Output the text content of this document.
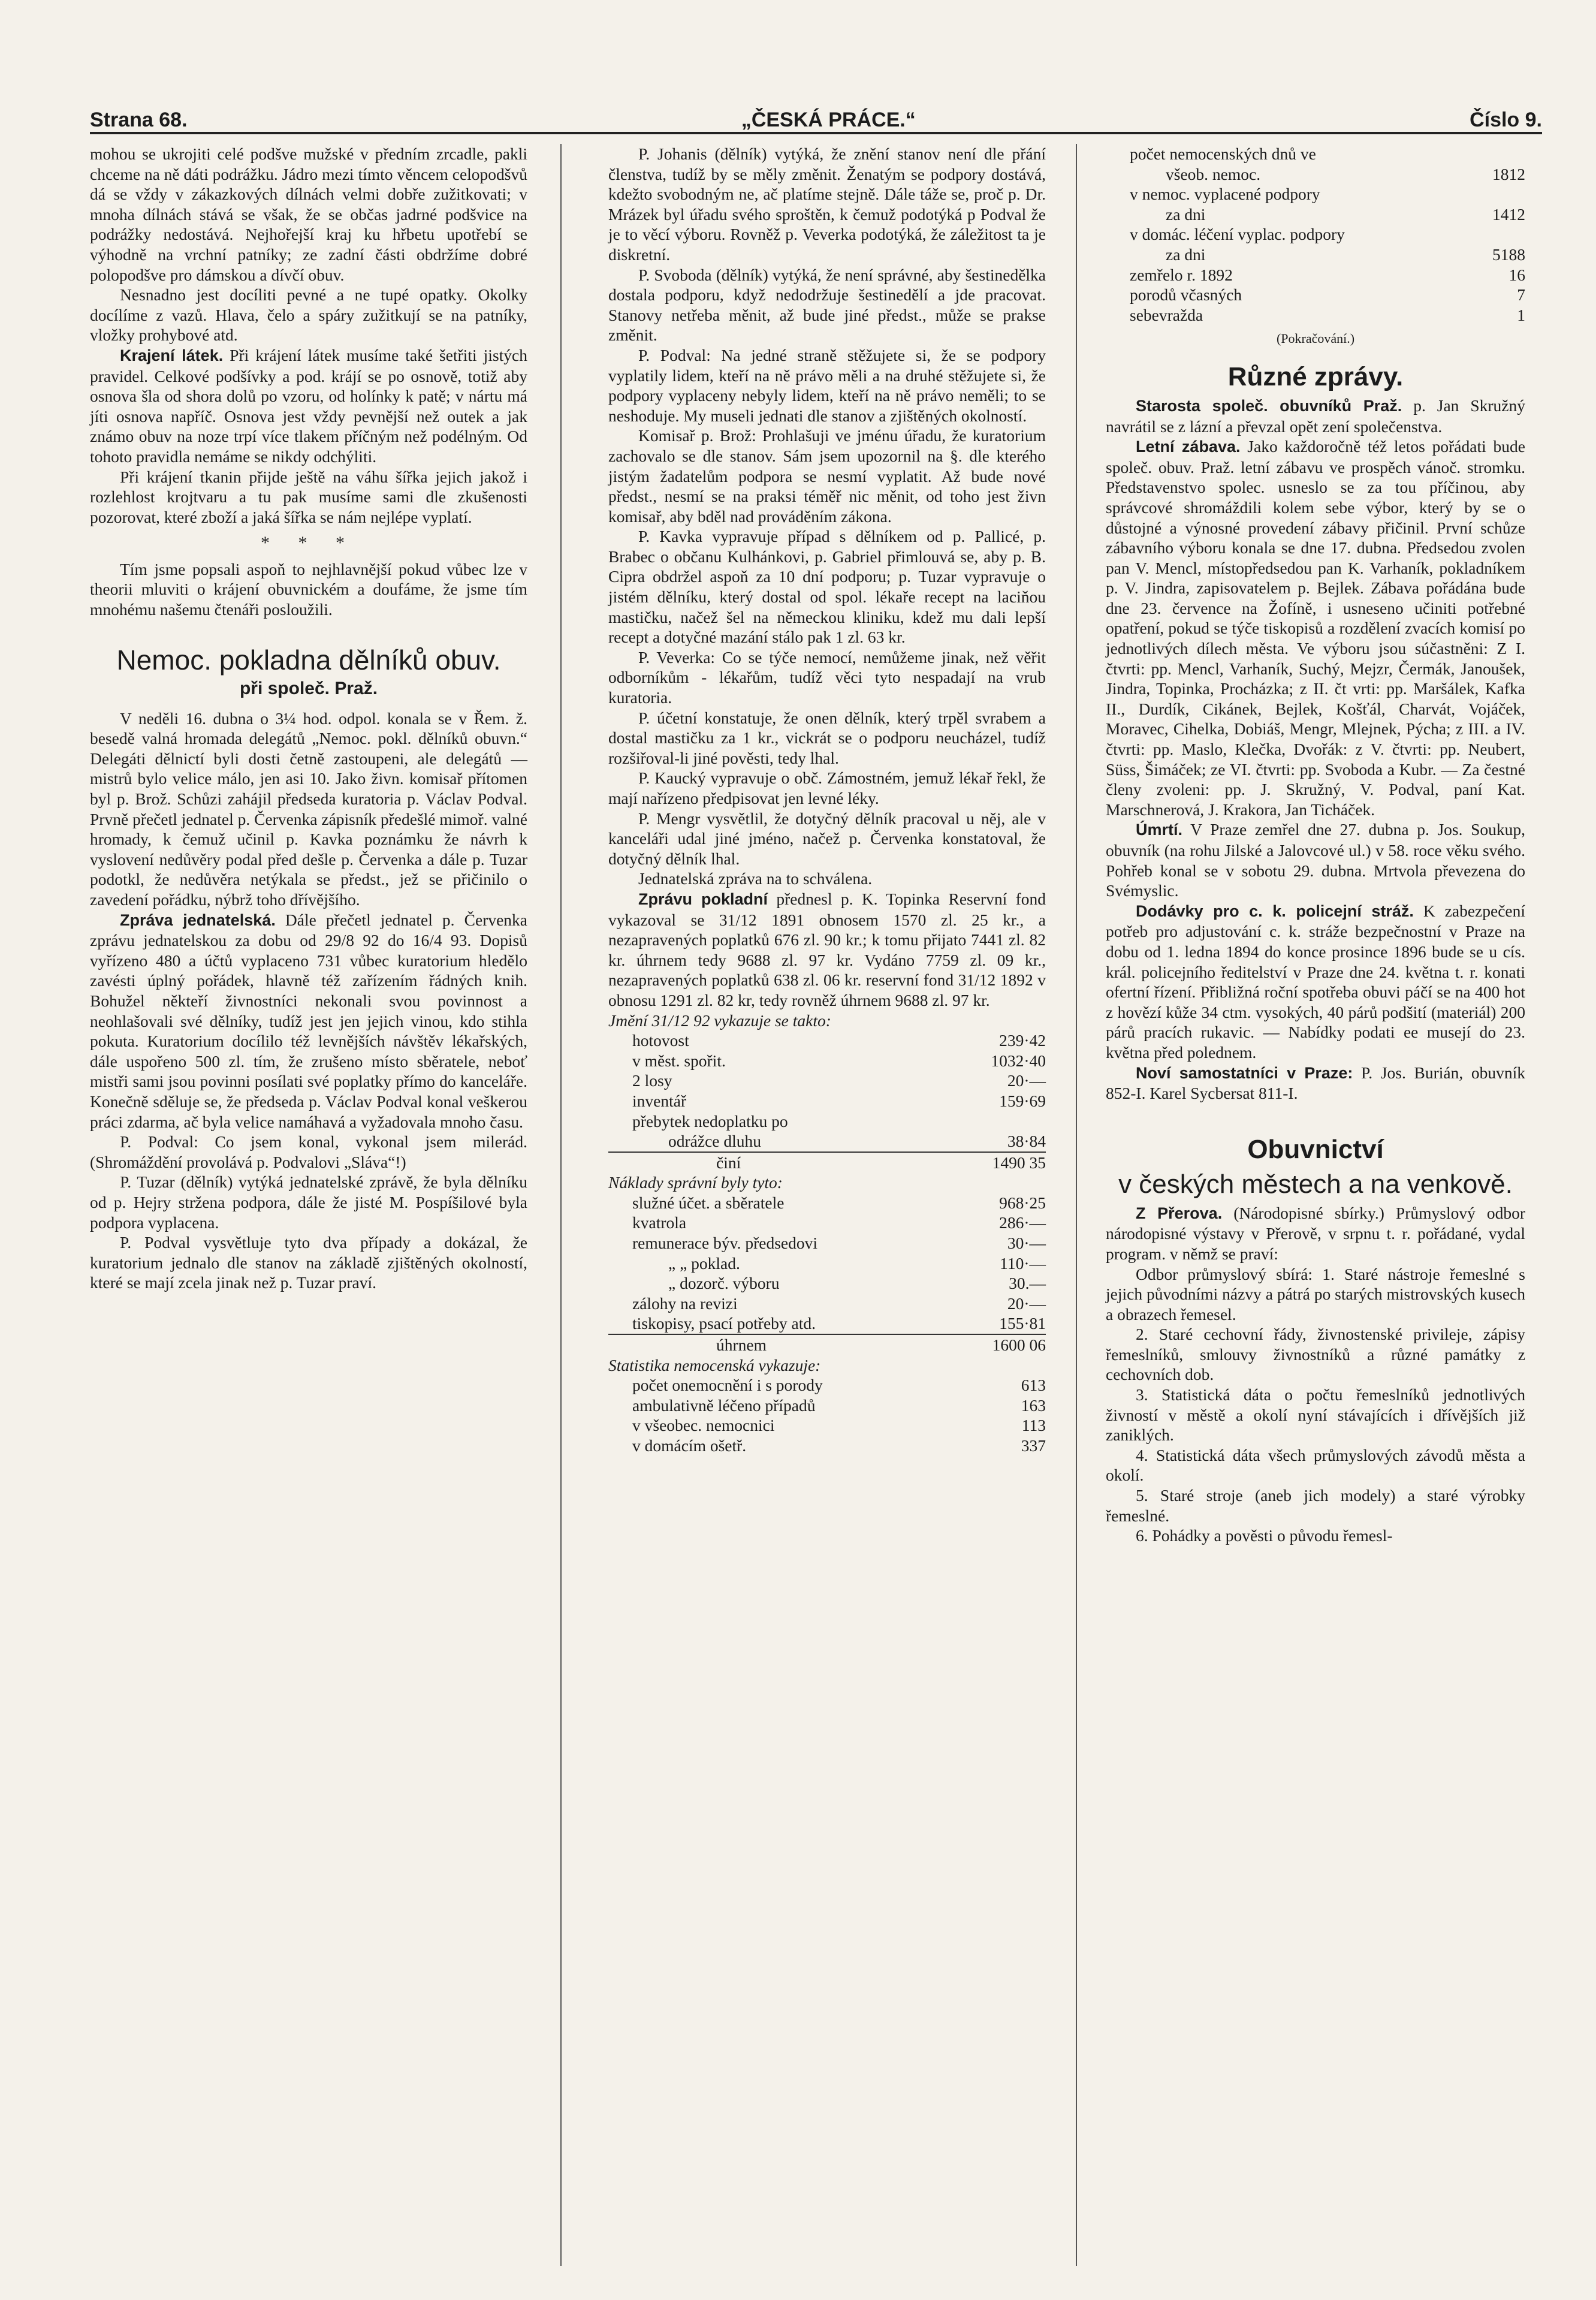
Strana 68.	„ČESKÁ PRÁCE.“	Číslo 9.

mohou se ukrojiti celé podšve mužské v předním zrcadle, pakli chceme na ně dáti podrážku. Jádro mezi tímto věncem celopodšvů dá se vždy v zákazkových dílnách velmi dobře zužitkovati; v mnoha dílnách stává se však, že se občas jadrné podšvice na podrážky nedostává. Nejhořejší kraj ku hřbetu upotřebí se výhodně na vrchní patníky; ze zadní části obdržíme dobré polopodšve pro dámskou a dívčí obuv.

Nesnadno jest docíliti pevné a ne tupé opatky. Okolky docílíme z vazů. Hlava, čelo a spáry zužitkují se na patníky, vložky prohybové atd.

Krajení látek. Při krájení látek musíme také šetřiti jistých pravidel. Celkové podšívky a pod. krájí se po osnově, totiž aby osnova šla od shora dolů po vzoru, od holínky k patě; v nártu má jíti osnova napříč. Osnova jest vždy pevnější než outek a jak známo obuv na noze trpí více tlakem příčným než podélným. Od tohoto pravidla nemáme se nikdy odchýliti.

Při krájení tkanin přijde ještě na váhu šířka jejich jakož i rozlehlost krojtvaru a tu pak musíme sami dle zkušenosti pozorovat, které zboží a jaká šířka se nám nejlépe vyplatí.

* * *

Tím jsme popsali aspoň to nejhlavnější pokud vůbec lze v theorii mluviti o krájení obuvnickém a doufáme, že jsme tím mnohému našemu čtenáři posloužili.

Nemoc. pokladna dělníků obuv.
při společ. Praž.

V neděli 16. dubna o 3¼ hod. odpol. konala se v Řem. ž. besedě valná hromada delegátů „Nemoc. pokl. dělníků obuvn.“ Delegáti dělnictí byli dosti četně zastoupeni, ale delegátů — mistrů bylo velice málo, jen asi 10. Jako živn. komisař přítomen byl p. Brož. Schůzi zahájil předseda kuratoria p. Václav Podval. Prvně přečetl jednatel p. Červenka zápisník předešlé mimoř. valné hromady, k čemuž učinil p. Kavka poznámku že návrh k vyslovení nedůvěry podal před dešle p. Červenka a dále p. Tuzar podotkl, že nedůvěra netýkala se předst., jež se přičinilo o zavedení pořádku, nýbrž toho dřívějšího.

Zpráva jednatelská. Dále přečetl jednatel p. Červenka zprávu jednatelskou za dobu od 29/8 92 do 16/4 93. Dopisů vyřízeno 480 a účtů vyplaceno 731 vůbec kuratorium hledělo zavésti úplný pořádek, hlavně též zařízením řádných knih. Bohužel někteří živnostníci nekonali svou povinnost a neohlašovali své dělníky, tudíž jest jen jejich vinou, kdo stihla pokuta. Kuratorium docílilo též levnějších návštěv lékařských, dále uspořeno 500 zl. tím, že zrušeno místo sběratele, neboť mistři sami jsou povinni posílati své poplatky přímo do kanceláře. Konečně sděluje se, že předseda p. Václav Podval konal veškerou práci zdarma, ač byla velice namáhavá a vyžadovala mnoho času.

P. Podval: Co jsem konal, vykonal jsem milerád. (Shromáždění provolává p. Podvalovi „Sláva“!)

P. Tuzar (dělník) vytýká jednatelské zprávě, že byla dělníku od p. Hejry stržena podpora, dále že jisté M. Pospíšilové byla podpora vyplacena.

P. Podval vysvětluje tyto dva případy a dokázal, že kuratorium jednalo dle stanov na základě zjištěných okolností, které se mají zcela jinak než p. Tuzar praví.

P. Johanis (dělník) vytýká, že znění stanov není dle přání členstva, tudíž by se měly změnit. Ženatým se podpory dostává, kdežto svobodným ne, ač platíme stejně. Dále táže se, proč p. Dr. Mrázek byl úřadu svého sproštěn, k čemuž podotýká p Podval že je to věcí výboru. Rovněž p. Veverka podotýká, že záležitost ta je diskretní.

P. Svoboda (dělník) vytýká, že není správné, aby šestinedělka dostala podporu, když nedodržuje šestinedělí a jde pracovat. Stanovy netřeba měnit, až bude jiné předst., může se prakse změnit.

P. Podval: Na jedné straně stěžujete si, že se podpory vyplatily lidem, kteří na ně právo měli a na druhé stěžujete si, že podpory vyplaceny nebyly lidem, kteří na ně právo neměli; to se neshoduje. My museli jednati dle stanov a zjištěných okolností.

Komisař p. Brož: Prohlašuji ve jménu úřadu, že kuratorium zachovalo se dle stanov. Sám jsem upozornil na §. dle kterého jistým žadatelům podpora se nesmí vyplatit. Až bude nové předst., nesmí se na praksi téměř nic měnit, od toho jest živn komisař, aby bděl nad prováděním zákona.

P. Kavka vypravuje případ s dělníkem od p. Pallicé, p. Brabec o občanu Kulhánkovi, p. Gabriel přimlouvá se, aby p. B. Cipra obdržel aspoň za 10 dní podporu; p. Tuzar vypravuje o jistém dělníku, který dostal od spol. lékaře recept na laciňou mastičku, načež šel na německou kliniku, kdež mu dali lepší recept a dotyčné mazání stálo pak 1 zl. 63 kr.

P. Veverka: Co se týče nemocí, nemůžeme jinak, než věřit odborníkům - lékařům, tudíž věci tyto nespadají na vrub kuratoria.

P. účetní konstatuje, že onen dělník, který trpěl svrabem a dostal mastičku za 1 kr., vickrát se o podporu neucházel, tudíž rozšiřoval-li jiné pověsti, tedy lhal.

P. Kaucký vypravuje o obč. Zámostném, jemuž lékař řekl, že mají nařízeno předpisovat jen levné léky.

P. Mengr vysvětlil, že dotyčný dělník pracoval u něj, ale v kanceláři udal jiné jméno, načež p. Červenka konstatoval, že dotyčný dělník lhal.

Jednatelská zpráva na to schválena.

Zprávu pokladní přednesl p. K. Topinka Reservní fond vykazoval se 31/12 1891 obnosem 1570 zl. 25 kr., a nezapravených poplatků 676 zl. 90 kr.; k tomu přijato 7441 zl. 82 kr. úhrnem tedy 9688 zl. 97 kr. Vydáno 7759 zl. 09 kr., nezapravených poplatků 638 zl. 06 kr. reservní fond 31/12 1892 v obnosu 1291 zl. 82 kr, tedy rovněž úhrnem 9688 zl. 97 kr.

Jmění 31/12 92 vykazuje se takto:
hotovost	239·42
v měst. spořit.	1032·40
2 losy	20·—
inventář	159·69
přebytek nedoplatku po
odrážce dluhu	38·84
činí	1490 35
Náklady správní byly tyto:
služné účet. a sběratele	968·25
kvatrola	286·—
remunerace býv. předsedovi	30·—
„ „ poklad.	110·—
„ dozorč. výboru	30.—
zálohy na revizi	20·—
tiskopisy, psací potřeby atd.	155·81
úhrnem	1600 06
Statistika nemocenská vykazuje:
počet onemocnění i s porody	613
ambulativně léčeno případů	163
v všeobec. nemocnici	113
v domácím ošetř.	337
počet nemocenských dnů ve
všeob. nemoc.	1812
v nemoc. vyplacené podpory
za dni	1412
v domác. léčení vyplac. podpory
za dni	5188
zemřelo r. 1892	16
porodů včasných	7
sebevražda	1

(Pokračování.)

Různé zprávy.

Starosta společ. obuvníků Praž. p. Jan Skružný navrátil se z lázní a převzal opět zení společenstva.

Letní zábava. Jako každoročně též letos pořádati bude společ. obuv. Praž. letní zábavu ve prospěch vánoč. stromku. Představenstvo spolec. usneslo se za tou příčinou, aby správcové shromáždili kolem sebe výbor, který by se o důstojné a výnosné provedení zábavy přičinil. První schůze zábavního výboru konala se dne 17. dubna. Předsedou zvolen pan V. Mencl, místopředsedou pan K. Varhaník, pokladníkem p. V. Jindra, zapisovatelem p. Bejlek. Zábava pořádána bude dne 23. července na Žofíně, i usneseno učiniti potřebné opatření, pokud se týče tiskopisů a rozdělení zvacích komisí po jednotlivých dílech města. Ve výboru jsou súčastněni: Z I. čtvrti: pp. Mencl, Varhaník, Suchý, Mejzr, Čermák, Janoušek, Jindra, Topinka, Procházka; z II. čt vrti: pp. Maršálek, Kafka II., Durdík, Cikánek, Bejlek, Košťál, Charvát, Vojáček, Moravec, Cihelka, Dobiáš, Mengr, Mlejnek, Pýcha; z III. a IV. čtvrti: pp. Maslo, Klečka, Dvořák: z V. čtvrti: pp. Neubert, Süss, Šimáček; ze VI. čtvrti: pp. Svoboda a Kubr. — Za čestné členy zvoleni: pp. J. Skružný, V. Podval, paní Kat. Marschnerová, J. Krakora, Jan Ticháček.

Úmrtí. V Praze zemřel dne 27. dubna p. Jos. Soukup, obuvník (na rohu Jilské a Jalovcové ul.) v 58. roce věku svého. Pohřeb konal se v sobotu 29. dubna. Mrtvola převezena do Svémyslic.

Dodávky pro c. k. policejní stráž. K zabezpečení potřeb pro adjustování c. k. stráže bezpečnostní v Praze na dobu od 1. ledna 1894 do konce prosince 1896 bude se u cís. král. policejního ředitelství v Praze dne 24. května t. r. konati ofertní řízení. Přibližná roční spotřeba obuvi páčí se na 400 hot z hovězí kůže 34 ctm. vysokých, 40 párů podšití (materiál) 200 párů pracích rukavic. — Nabídky podati ee musejí do 23. května před polednem.

Noví samostatníci v Praze: P. Jos. Burián, obuvník 852-I. Karel Sycbersat 811-I.

Obuvnictví
v českých městech a na venkově.

Z Přerova. (Národopisné sbírky.) Průmyslový odbor národopisné výstavy v Přerově, v srpnu t. r. pořádané, vydal program. v němž se praví:

Odbor průmyslový sbírá: 1. Staré nástroje řemeslné s jejich původními názvy a pátrá po starých mistrovských kusech a obrazech řemesel.

2. Staré cechovní řády, živnostenské privileje, zápisy řemeslníků, smlouvy živnostníků a různé památky z cechovních dob.

3. Statistická dáta o počtu řemeslníků jednotlivých živností v městě a okolí nyní stávajících i dřívějších již zaniklých.

4. Statistická dáta všech průmyslových závodů města a okolí.

5. Staré stroje (aneb jich modely) a staré výrobky řemeslné.

6. Pohádky a pověsti o původu řemesl-
